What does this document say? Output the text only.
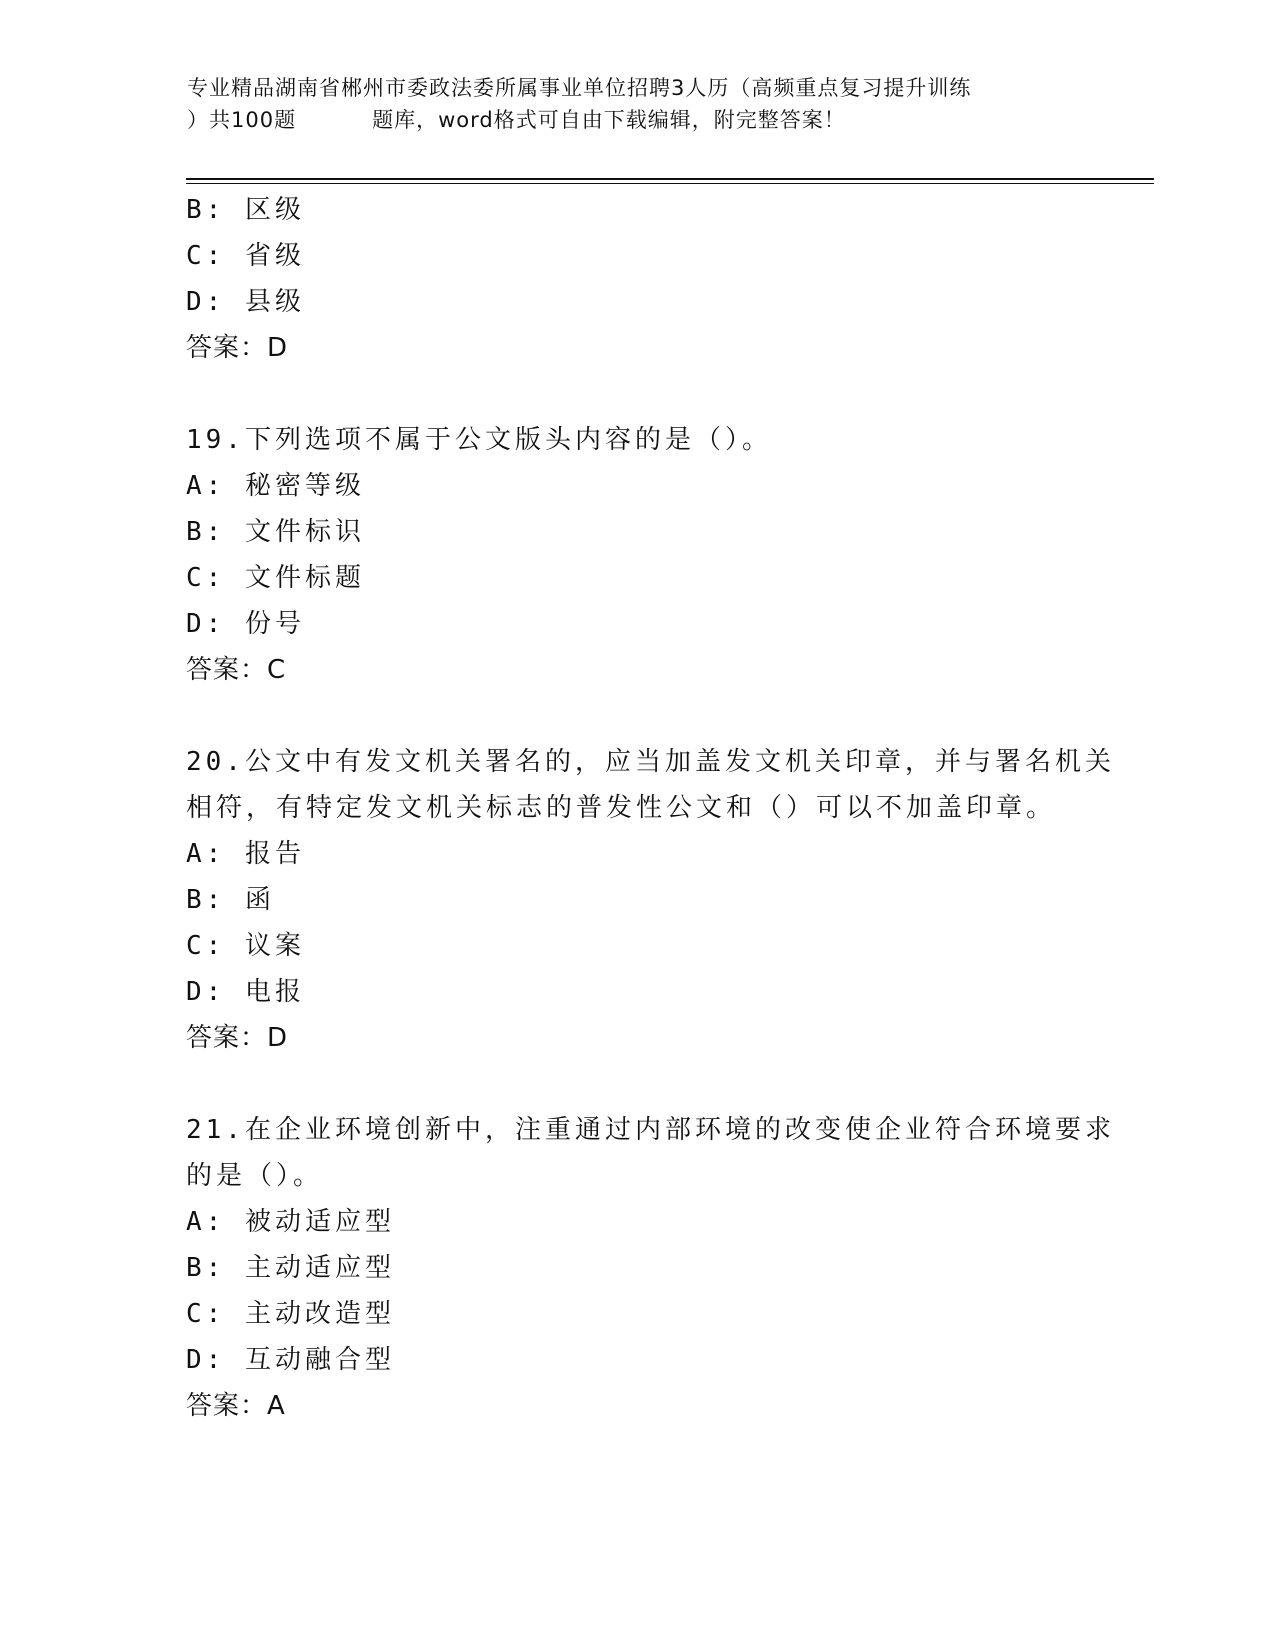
专业精品湖南省郴州市委政法委所属事业单位招聘3人历（高频重点复习提升训练
）共100题	题库，word格式可自由下载编辑，附完整答案！
B: 区级
C: 省级
D: 县级
答案：D
19.下列选项不属于公文版头内容的是（）。
A: 秘密等级
B: 文件标识
C: 文件标题
D: 份号
答案：C
20.公文中有发文机关署名的，应当加盖发文机关印章，并与署名机关
相符，有特定发文机关标志的普发性公文和（）可以不加盖印章。
A: 报告
B: 函
C: 议案
D: 电报
答案：D
21.在企业环境创新中，注重通过内部环境的改变使企业符合环境要求
的是（）。
A: 被动适应型
B: 主动适应型
C: 主动改造型
D: 互动融合型
答案：A
